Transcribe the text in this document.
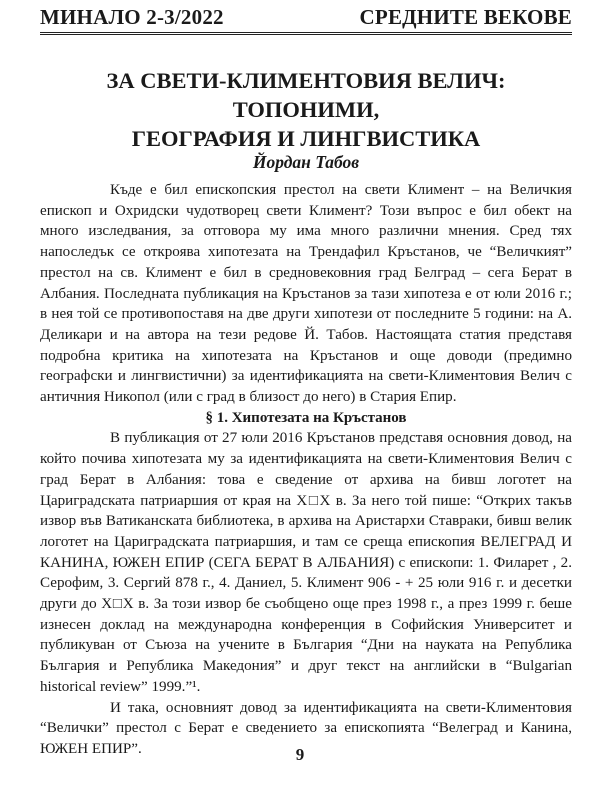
МИНАЛО 2-3/2022	СРЕДНИТЕ ВЕКОВЕ
ЗА СВЕТИ-КЛИМЕНТОВИЯ ВЕЛИЧ:
ТОПОНИМИ,
ГЕОГРАФИЯ И ЛИНГВИСТИКА
Йордан Табов

Къде е бил епископския престол на свети Климент – на Величкия епископ и Охридски чудотворец свети Климент? Този въпрос е бил обект на много изследвания, за отговора му има много различни мнения. Сред тях напоследък се откроява хипотезата на Трендафил Кръстанов, че “Величкият” престол на св. Климент е бил в средновековния град Белград – сега Берат в Албания. Последната публикация на Кръстанов за тази хипотеза е от юли 2016 г.; в нея той се противопоставя на две други хипотези от последните 5 години: на А. Деликари и на автора на тези редове Й. Табов. Настоящата статия представя подробна критика на хипотезата на Кръстанов и още доводи (предимно географски и лингвистични) за идентификацията на свети-Климентовия Велич с античния Никопол (или с град в близост до него) в Стария Епир.

§ 1. Хипотезата на Кръстанов

В публикация от 27 юли 2016 Кръстанов представя основния довод, на който почива хипотезата му за идентификацията на свети-Климентовия Велич с град Берат в Албания: това е сведение от архива на бивш логотет на Цариградската патриаршия от края на Х□Х в. За него той пише: “Открих такъв извор във Ватиканската библиотека, в архива на Аристархи Ставраки, бивш велик логотет на Цариградската патриаршия, и там се срещa епископия ВЕЛЕГРАД И КАНИНА, ЮЖЕН ЕПИР (СЕГА БЕРАТ В АЛБАНИЯ) с епископи: 1. Филарет , 2. Серофим, 3. Сергий 878 г., 4. Даниел, 5. Климент 906 - + 25 юли 916 г. и десетки други до Х□Х в. За този извор бе съобщено още през 1998 г., а през 1999 г. беше изнесен доклад на международна конференция в Софийския Университет и публикуван от Съюза на учените в България “Дни на науката на Република България и Република Македония” и друг текст на английски в “Bulgarian historical review” 1999.”¹.

И така, основният довод за идентификацията на свети-Климентовия “Велички” престол с Берат е сведението за епископията “Велеград и Канина, ЮЖЕН ЕПИР”.	9
